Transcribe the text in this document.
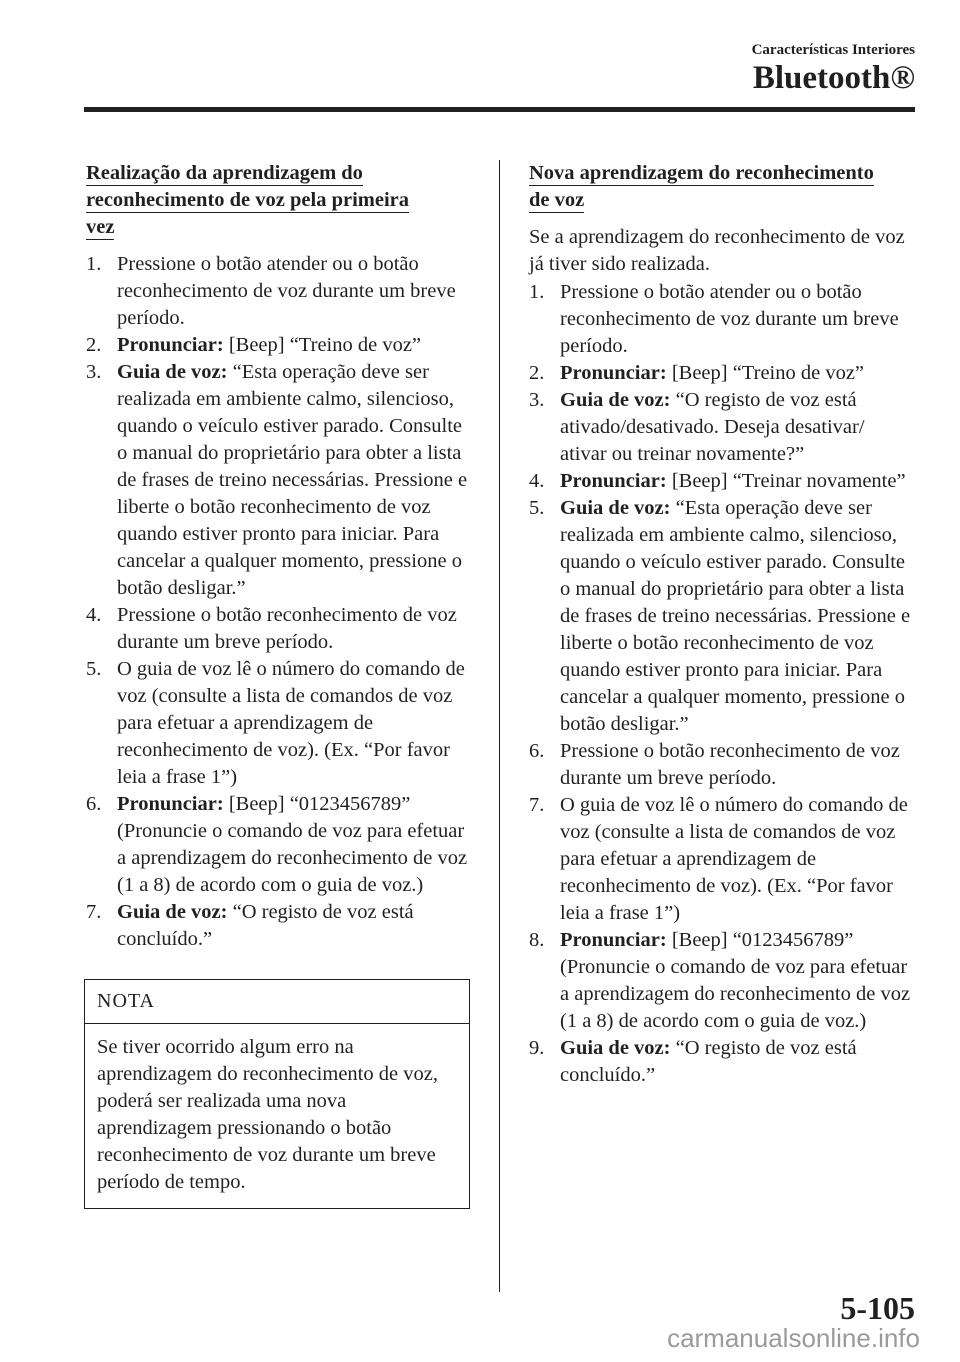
Características Interiores
Bluetooth®
Realização da aprendizagem do
reconhecimento de voz pela primeira
vez
1. Pressione o botão atender ou o botão reconhecimento de voz durante um breve período.
2. Pronunciar: [Beep] “Treino de voz”
3. Guia de voz: “Esta operação deve ser realizada em ambiente calmo, silencioso, quando o veículo estiver parado. Consulte o manual do proprietário para obter a lista de frases de treino necessárias. Pressione e liberte o botão reconhecimento de voz quando estiver pronto para iniciar. Para cancelar a qualquer momento, pressione o botão desligar.”
4. Pressione o botão reconhecimento de voz durante um breve período.
5. O guia de voz lê o número do comando de voz (consulte a lista de comandos de voz para efetuar a aprendizagem de reconhecimento de voz). (Ex. “Por favor leia a frase 1”)
6. Pronunciar: [Beep] “0123456789” (Pronuncie o comando de voz para efetuar a aprendizagem do reconhecimento de voz (1 a 8) de acordo com o guia de voz.)
7. Guia de voz: “O registo de voz está concluído.”
NOTA
Se tiver ocorrido algum erro na aprendizagem do reconhecimento de voz, poderá ser realizada uma nova aprendizagem pressionando o botão reconhecimento de voz durante um breve período de tempo.
Nova aprendizagem do reconhecimento
de voz

Se a aprendizagem do reconhecimento de voz já tiver sido realizada.

1. Pressione o botão atender ou o botão reconhecimento de voz durante um breve período.
2. Pronunciar: [Beep] “Treino de voz”
3. Guia de voz: “O registo de voz está ativado/desativado. Deseja desativar/ ativar ou treinar novamente?”
4. Pronunciar: [Beep] “Treinar novamente”
5. Guia de voz: “Esta operação deve ser realizada em ambiente calmo, silencioso, quando o veículo estiver parado. Consulte o manual do proprietário para obter a lista de frases de treino necessárias. Pressione e liberte o botão reconhecimento de voz quando estiver pronto para iniciar. Para cancelar a qualquer momento, pressione o botão desligar.”
6. Pressione o botão reconhecimento de voz durante um breve período.
7. O guia de voz lê o número do comando de voz (consulte a lista de comandos de voz para efetuar a aprendizagem de reconhecimento de voz). (Ex. “Por favor leia a frase 1”)
8. Pronunciar: [Beep] “0123456789” (Pronuncie o comando de voz para efetuar a aprendizagem do reconhecimento de voz (1 a 8) de acordo com o guia de voz.)
9. Guia de voz: “O registo de voz está concluído.”
5-105
carmanualsonline.info
